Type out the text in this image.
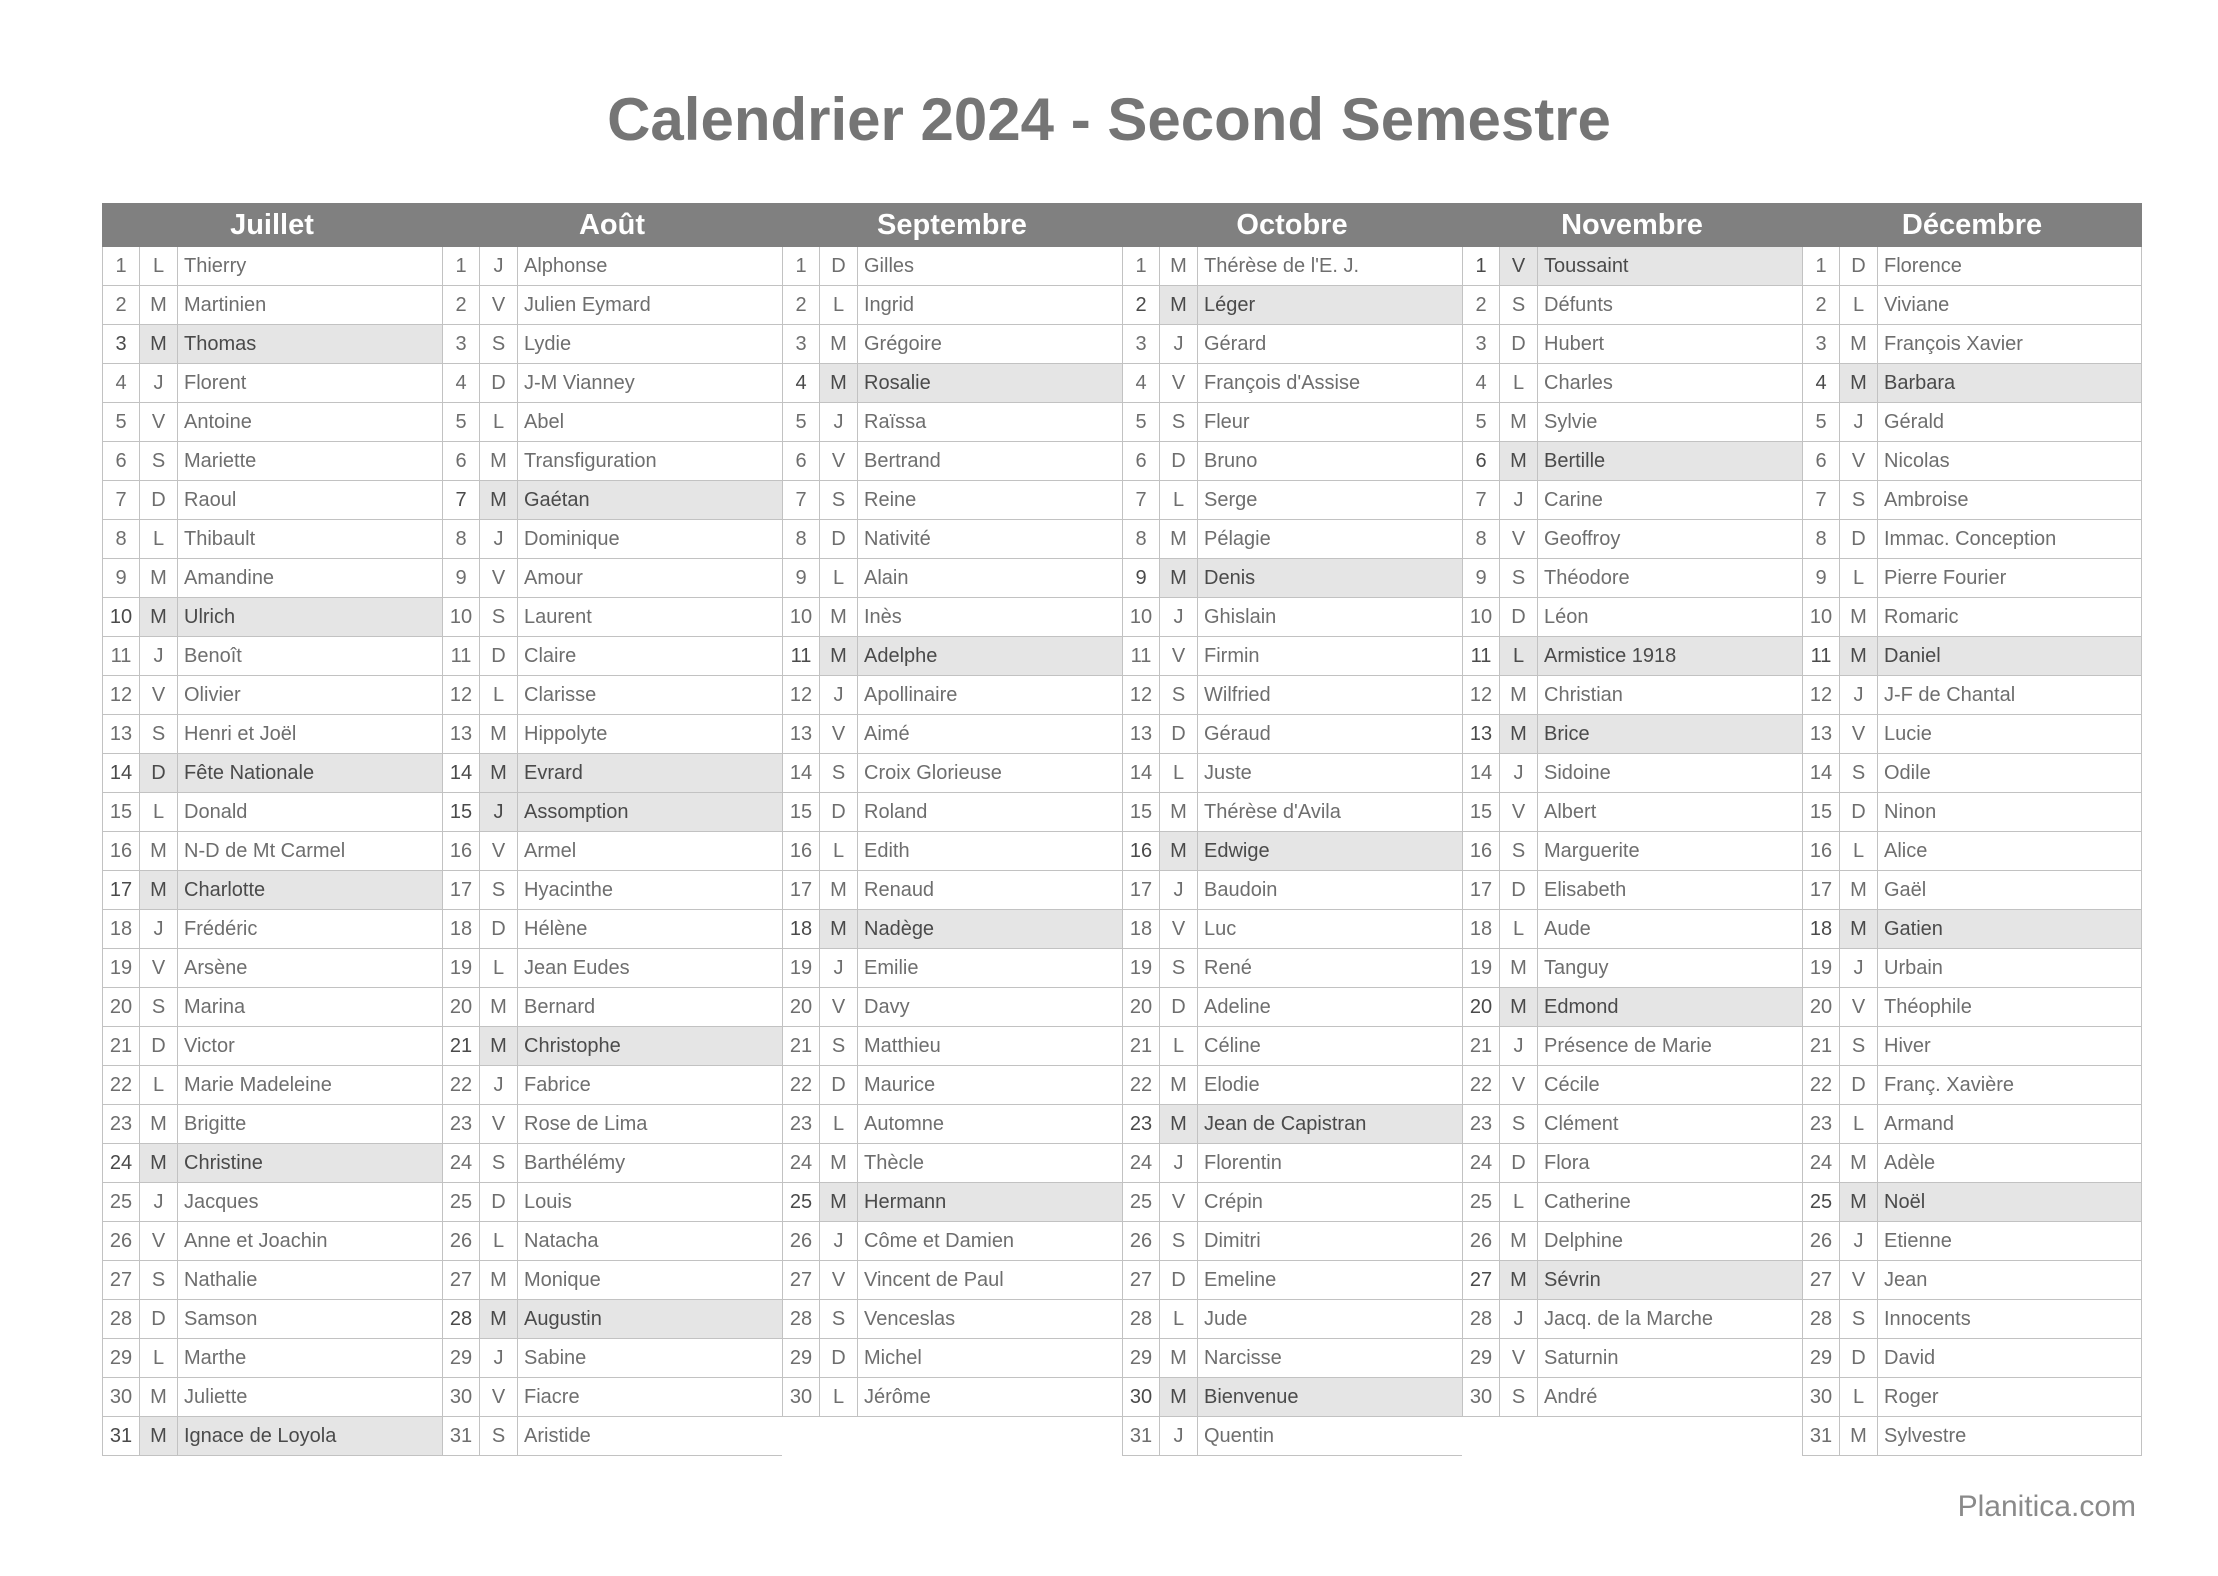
Calendrier 2024 - Second Semestre
Juillet
1	L Thierry
2	M Martinien
3	M Thomas
4	J	Florent
5	V Antoine
6	S Mariette
7	D Raoul
8	L Thibault
9	M Amandine
10 M Ulrich
11	J	Benoît
12 V Olivier
13 S Henri et Joël
14 D Fête Nationale
15	L Donald
16 M N-D de Mt Carmel
17 M Charlotte
18	J	Frédéric
19 V Arsène
20 S Marina
21 D Victor
22	L Marie Madeleine
23 M Brigitte
24 M Christine
25	J	Jacques
26 V Anne et Joachin
27 S Nathalie
28 D Samson
29	L Marthe
30 M Juliette
31 M Ignace de Loyola
Août
1	J	Alphonse
2	V Julien Eymard
3	S Lydie
4	D J-M Vianney
5	L Abel
6	M Transfiguration
7	M Gaétan
8	J	Dominique
9	V Amour
10 S Laurent
11 D Claire
12	L Clarisse
13 M Hippolyte
14 M Evrard
15	J	Assomption
16 V Armel
17 S Hyacinthe
18 D Hélène
19	L Jean Eudes
20 M Bernard
21 M Christophe
22	J	Fabrice
23 V Rose de Lima
24 S Barthélémy
25 D Louis
26	L Natacha
27 M Monique
28 M Augustin
29	J	Sabine
30 V Fiacre
31 S Aristide
Septembre
1	D Gilles
2	L Ingrid
3	M Grégoire
4	M Rosalie
5	J	Raïssa
6	V Bertrand
7	S Reine
8	D Nativité
9	L Alain
10 M Inès
11 M Adelphe
12	J	Apollinaire
13 V Aimé
14 S Croix Glorieuse
15 D Roland
16	L Edith
17 M Renaud
18 M Nadège
19	J	Emilie
20 V Davy
21 S Matthieu
22 D Maurice
23	L Automne
24 M Thècle
25 M Hermann
26	J	Côme et Damien
27 V Vincent de Paul
28 S Venceslas
29 D Michel
30	L Jérôme
Octobre
1	M Thérèse de l'E. J.
2	M Léger
3	J	Gérard
4	V François d'Assise
5	S Fleur
6	D Bruno
7	L Serge
8	M Pélagie
9	M Denis
10	J	Ghislain
11	V Firmin
12 S Wilfried
13 D Géraud
14	L Juste
15 M Thérèse d'Avila
16 M Edwige
17	J	Baudoin
18 V Luc
19 S René
20 D Adeline
21	L Céline
22 M Elodie
23 M Jean de Capistran
24	J	Florentin
25 V Crépin
26 S Dimitri
27 D Emeline
28	L Jude
29 M Narcisse
30 M Bienvenue
31	J	Quentin
Novembre
1	V Toussaint
2	S Défunts
3	D Hubert
4	L Charles
5	M Sylvie
6	M Bertille
7	J	Carine
8	V Geoffroy
9	S Théodore
10 D Léon
11	L Armistice 1918
12 M Christian
13 M Brice
14	J	Sidoine
15 V Albert
16 S Marguerite
17 D Elisabeth
18	L Aude
19 M Tanguy
20 M Edmond
21	J	Présence de Marie
22 V Cécile
23 S Clément
24 D Flora
25	L Catherine
26 M Delphine
27 M Sévrin
28	J	Jacq. de la Marche
29 V Saturnin
30 S André
Décembre
1	D Florence
2	L Viviane
3	M François Xavier
4	M Barbara
5	J	Gérald
6	V Nicolas
7	S Ambroise
8	D Immac. Conception
9	L Pierre Fourier
10 M Romaric
11 M Daniel
12	J	J-F de Chantal
13 V Lucie
14 S Odile
15 D Ninon
16	L Alice
17 M Gaël
18 M Gatien
19	J	Urbain
20 V Théophile
21 S Hiver
22 D Franç. Xavière
23	L Armand
24 M Adèle
25 M Noël
26	J	Etienne
27 V Jean
28 S Innocents
29 D David
30	L Roger
31 M Sylvestre
Planitica.com
